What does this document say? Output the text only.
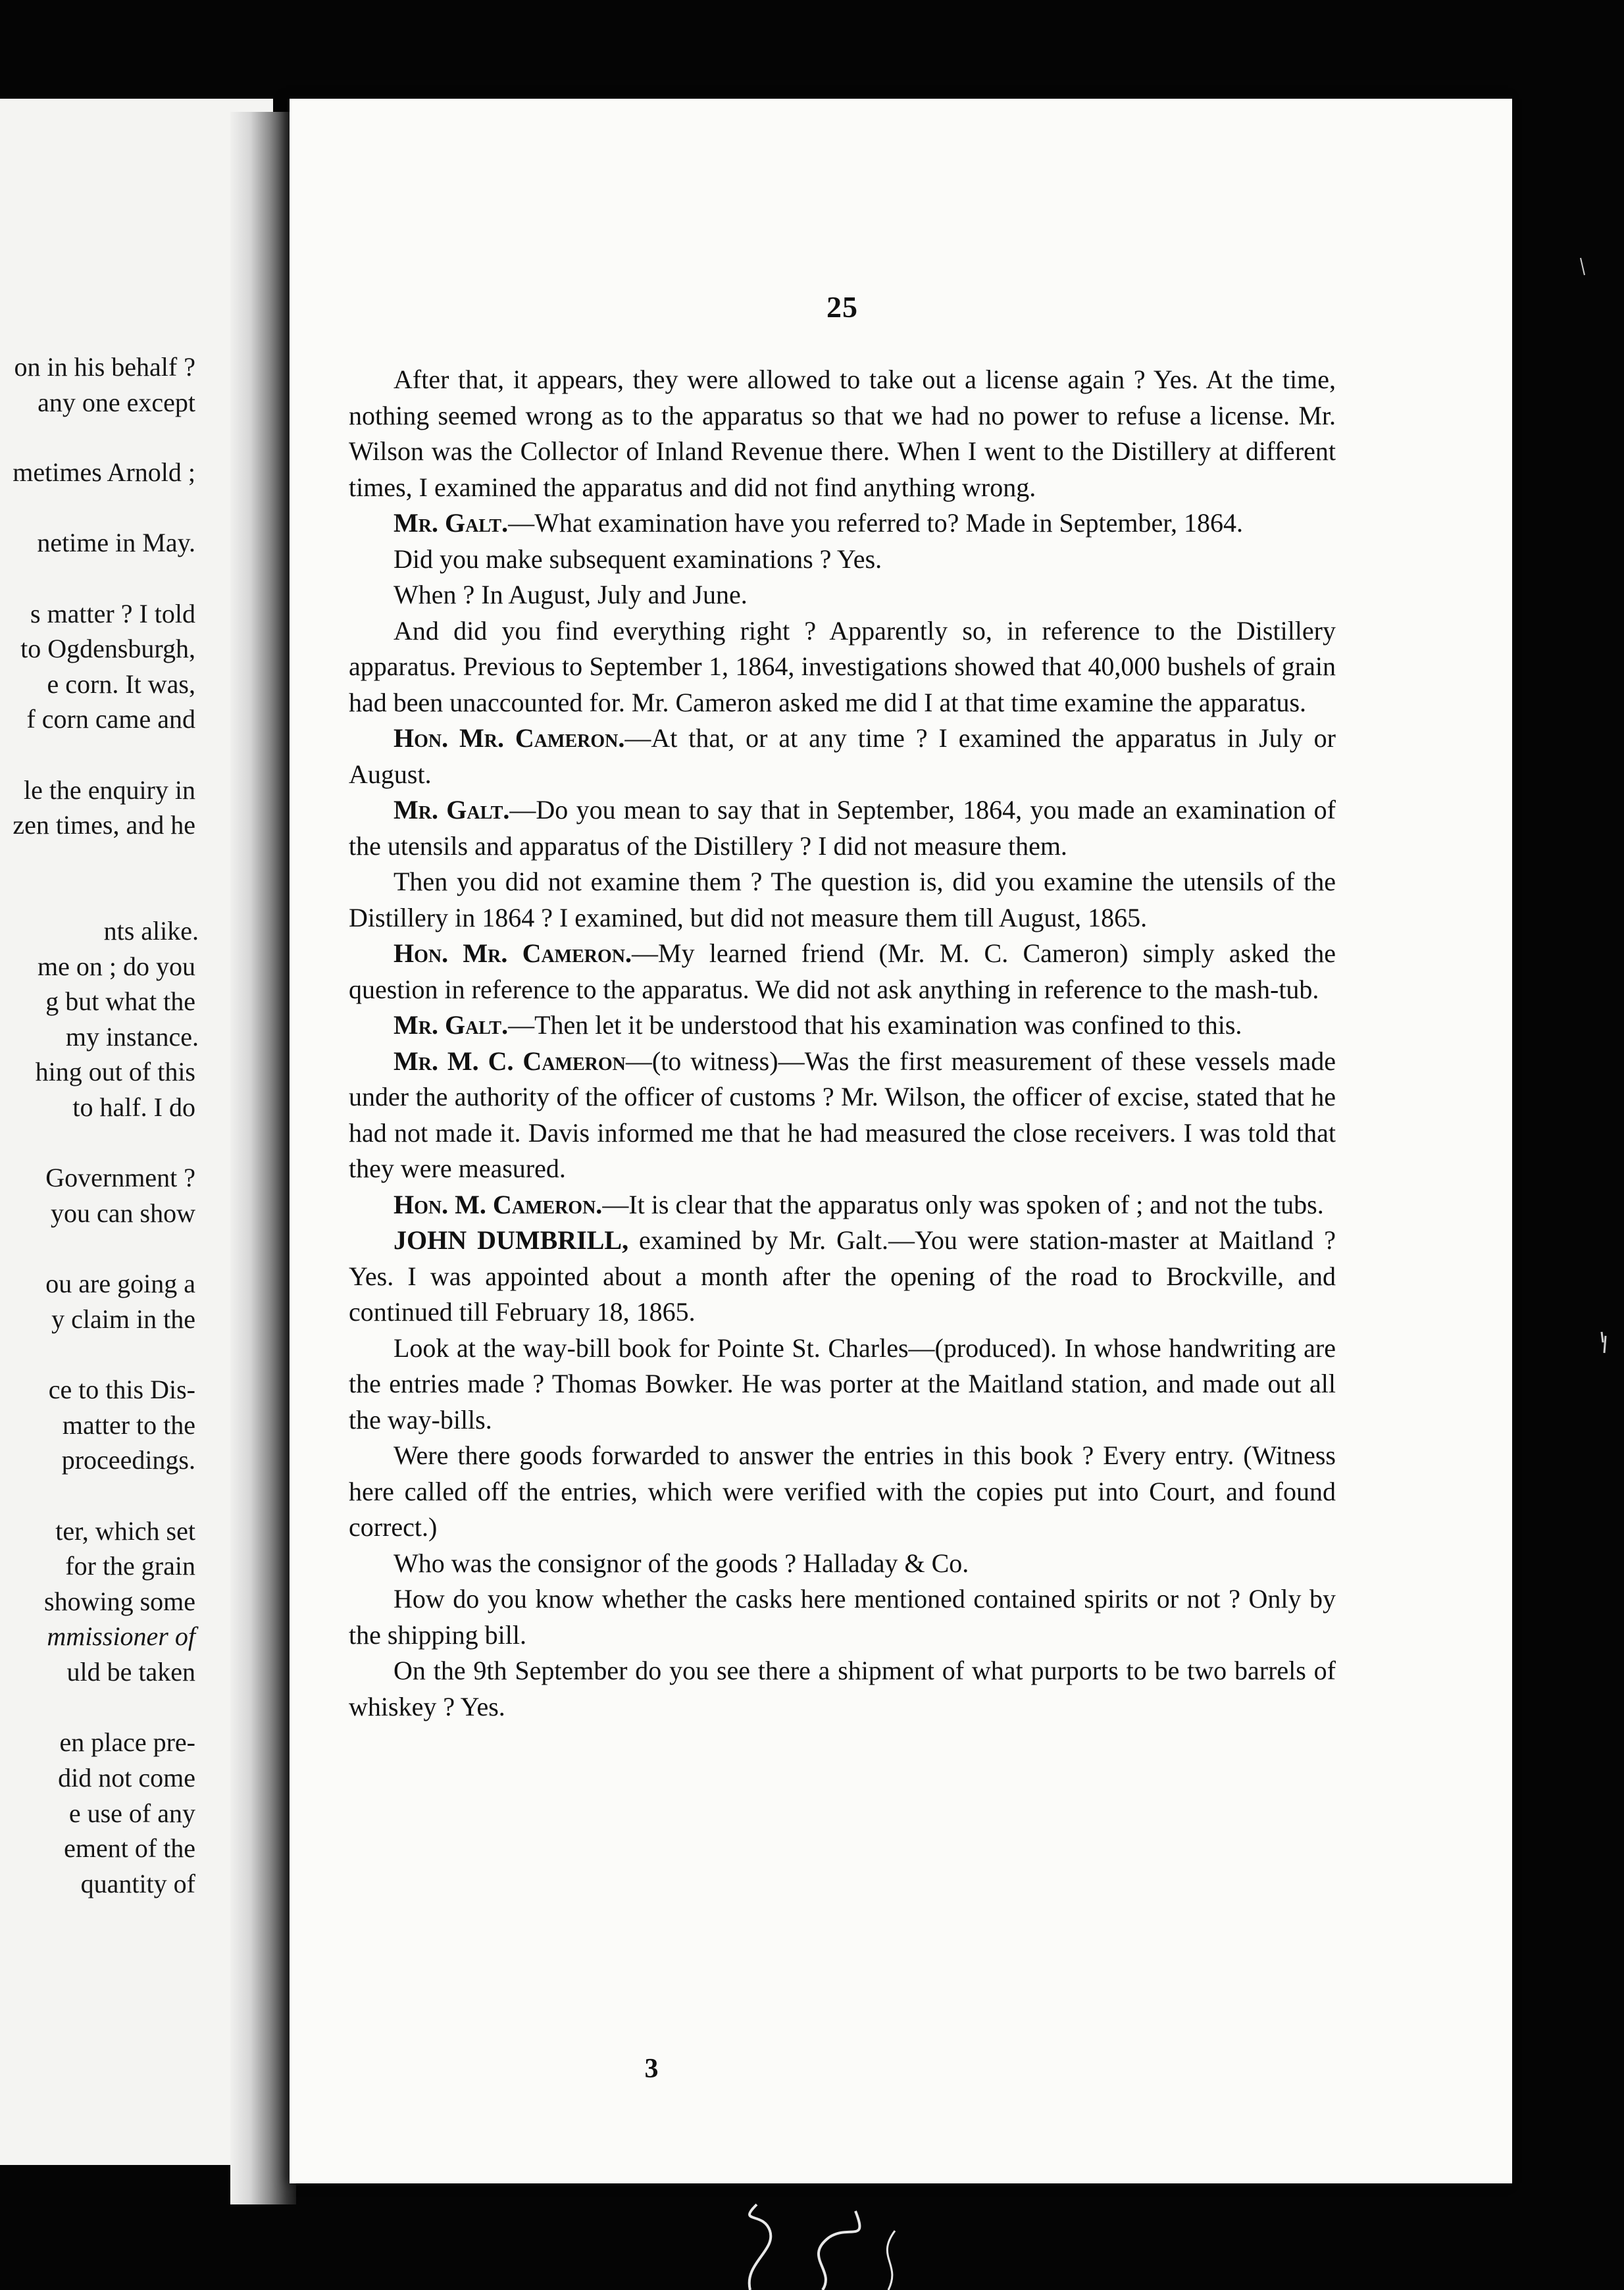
on in his behalf ?
any one except
metimes Arnold ;
netime in May.
s matter ? I told
to Ogdensburgh,
e corn. It was,
f corn came and
le the enquiry in
zen times, and he
nts alike.
me on ; do you
g but what the
my instance.
hing out of this
to half. I do
Government ?
you can show
ou are going a
y claim in the
ce to this Dis-
matter to the
proceedings.
ter, which set
for the grain
showing some
mmissioner of
uld be taken
en place pre-
did not come
e use of any
ement of the
quantity of
25

After that, it appears, they were allowed to take out a license again ? Yes. At the time, nothing seemed wrong as to the apparatus so that we had no power to refuse a license. Mr. Wilson was the Collector of Inland Revenue there. When I went to the Distillery at different times, I examined the apparatus and did not find anything wrong.

Mr. Galt.—What examination have you referred to? Made in September, 1864.

Did you make subsequent examinations ? Yes.

When ? In August, July and June.

And did you find everything right ? Apparently so, in reference to the Distillery apparatus. Previous to September 1, 1864, investigations showed that 40,000 bushels of grain had been unaccounted for. Mr. Cameron asked me did I at that time examine the apparatus.

Hon. Mr. Cameron.—At that, or at any time ? I examined the apparatus in July or August.

Mr. Galt.—Do you mean to say that in September, 1864, you made an examination of the utensils and apparatus of the Distillery ? I did not measure them.

Then you did not examine them ? The question is, did you examine the utensils of the Distillery in 1864 ? I examined, but did not measure them till August, 1865.

Hon. Mr. Cameron.—My learned friend (Mr. M. C. Cameron) simply asked the question in reference to the apparatus. We did not ask anything in reference to the mash-tub.

Mr. Galt.—Then let it be understood that his examination was confined to this.

Mr. M. C. Cameron—(to witness)—Was the first measurement of these vessels made under the authority of the officer of customs ? Mr. Wilson, the officer of excise, stated that he had not made it. Davis informed me that he had measured the close receivers. I was told that they were measured.

Hon. M. Cameron.—It is clear that the apparatus only was spoken of ; and not the tubs.

JOHN DUMBRILL, examined by Mr. Galt.—You were station-master at Maitland ? Yes. I was appointed about a month after the opening of the road to Brockville, and continued till February 18, 1865.

Look at the way-bill book for Pointe St. Charles—(produced). In whose handwriting are the entries made ? Thomas Bowker. He was porter at the Maitland station, and made out all the way-bills.

Were there goods forwarded to answer the entries in this book ? Every entry. (Witness here called off the entries, which were verified with the copies put into Court, and found correct.)

Who was the consignor of the goods ? Halladay & Co.

How do you know whether the casks here mentioned contained spirits or not ? Only by the shipping bill.

On the 9th September do you see there a shipment of what purports to be two barrels of whiskey ? Yes.

3
